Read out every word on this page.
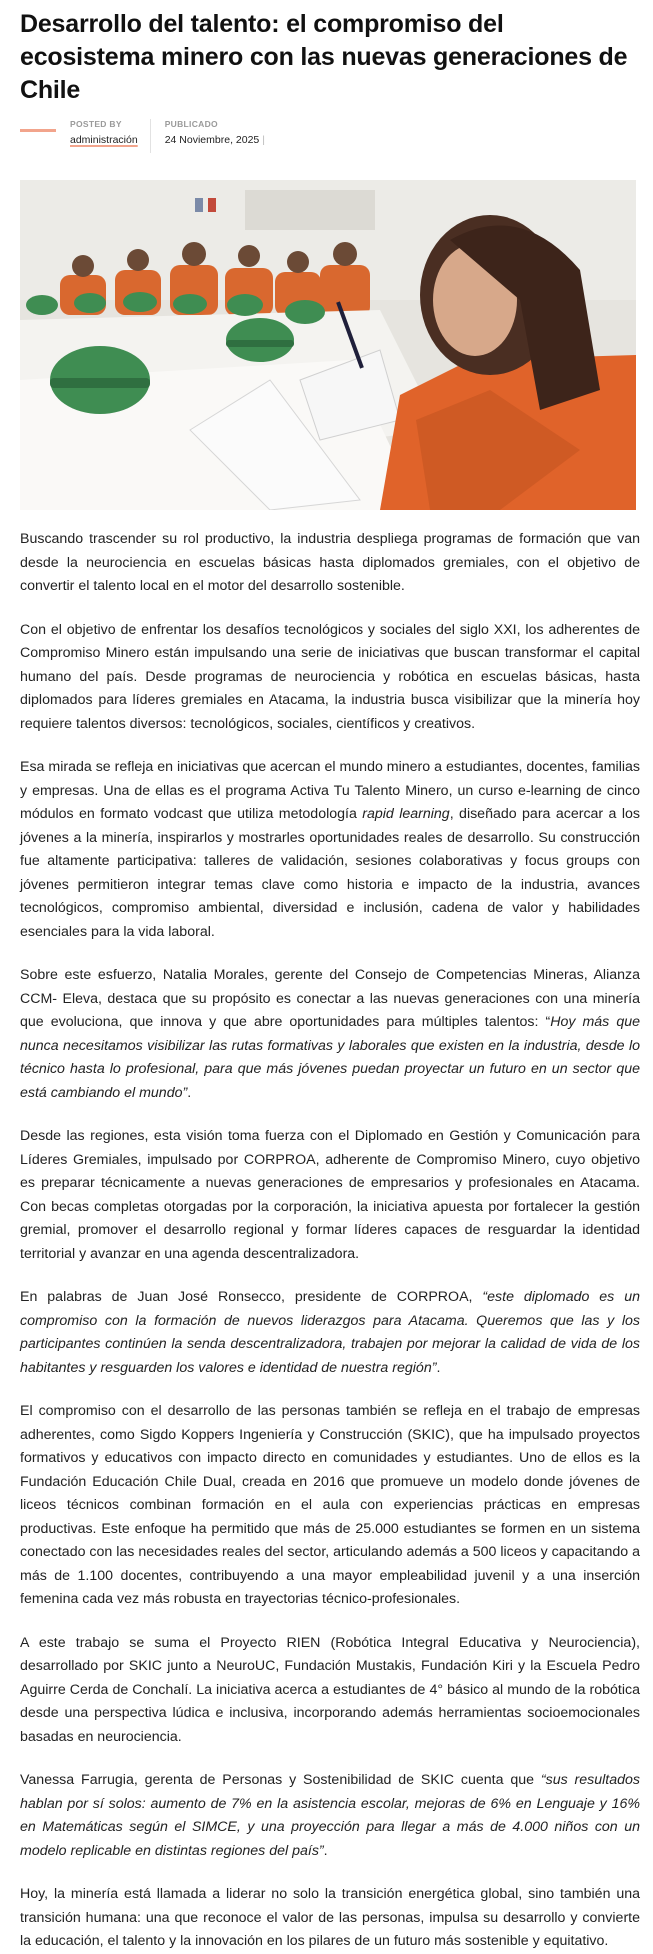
Desarrollo del talento: el compromiso del ecosistema minero con las nuevas generaciones de Chile
POSTED BY
administración
PUBLICADO
24 Noviembre, 2025 |

Buscando trascender su rol productivo, la industria despliega programas de formación que van desde la neurociencia en escuelas básicas hasta diplomados gremiales, con el objetivo de convertir el talento local en el motor del desarrollo sostenible.

Con el objetivo de enfrentar los desafíos tecnológicos y sociales del siglo XXI, los adherentes de Compromiso Minero están impulsando una serie de iniciativas que buscan transformar el capital humano del país. Desde programas de neurociencia y robótica en escuelas básicas, hasta diplomados para líderes gremiales en Atacama, la industria busca visibilizar que la minería hoy requiere talentos diversos: tecnológicos, sociales, científicos y creativos.

Esa mirada se refleja en iniciativas que acercan el mundo minero a estudiantes, docentes, familias y empresas. Una de ellas es el programa Activa Tu Talento Minero, un curso e-learning de cinco módulos en formato vodcast que utiliza metodología rapid learning, diseñado para acercar a los jóvenes a la minería, inspirarlos y mostrarles oportunidades reales de desarrollo. Su construcción fue altamente participativa: talleres de validación, sesiones colaborativas y focus groups con jóvenes permitieron integrar temas clave como historia e impacto de la industria, avances tecnológicos, compromiso ambiental, diversidad e inclusión, cadena de valor y habilidades esenciales para la vida laboral.

Sobre este esfuerzo, Natalia Morales, gerente del Consejo de Competencias Mineras, Alianza CCM- Eleva, destaca que su propósito es conectar a las nuevas generaciones con una minería que evoluciona, que innova y que abre oportunidades para múltiples talentos: “Hoy más que nunca necesitamos visibilizar las rutas formativas y laborales que existen en la industria, desde lo técnico hasta lo profesional, para que más jóvenes puedan proyectar un futuro en un sector que está cambiando el mundo”.

Desde las regiones, esta visión toma fuerza con el Diplomado en Gestión y Comunicación para Líderes Gremiales, impulsado por CORPROA, adherente de Compromiso Minero, cuyo objetivo es preparar técnicamente a nuevas generaciones de empresarios y profesionales en Atacama. Con becas completas otorgadas por la corporación, la iniciativa apuesta por fortalecer la gestión gremial, promover el desarrollo regional y formar líderes capaces de resguardar la identidad territorial y avanzar en una agenda descentralizadora.

En palabras de Juan José Ronsecco, presidente de CORPROA, “este diplomado es un compromiso con la formación de nuevos liderazgos para Atacama. Queremos que las y los participantes continúen la senda descentralizadora, trabajen por mejorar la calidad de vida de los habitantes y resguarden los valores e identidad de nuestra región”.

El compromiso con el desarrollo de las personas también se refleja en el trabajo de empresas adherentes, como Sigdo Koppers Ingeniería y Construcción (SKIC), que ha impulsado proyectos formativos y educativos con impacto directo en comunidades y estudiantes. Uno de ellos es la Fundación Educación Chile Dual, creada en 2016 que promueve un modelo donde jóvenes de liceos técnicos combinan formación en el aula con experiencias prácticas en empresas productivas. Este enfoque ha permitido que más de 25.000 estudiantes se formen en un sistema conectado con las necesidades reales del sector, articulando además a 500 liceos y capacitando a más de 1.100 docentes, contribuyendo a una mayor empleabilidad juvenil y a una inserción femenina cada vez más robusta en trayectorias técnico-profesionales.

A este trabajo se suma el Proyecto RIEN (Robótica Integral Educativa y Neurociencia), desarrollado por SKIC junto a NeuroUC, Fundación Mustakis, Fundación Kiri y la Escuela Pedro Aguirre Cerda de Conchalí. La iniciativa acerca a estudiantes de 4° básico al mundo de la robótica desde una perspectiva lúdica e inclusiva, incorporando además herramientas socioemocionales basadas en neurociencia.

Vanessa Farrugia, gerenta de Personas y Sostenibilidad de SKIC cuenta que “sus resultados hablan por sí solos: aumento de 7% en la asistencia escolar, mejoras de 6% en Lenguaje y 16% en Matemáticas según el SIMCE, y una proyección para llegar a más de 4.000 niños con un modelo replicable en distintas regiones del país”.

Hoy, la minería está llamada a liderar no solo la transición energética global, sino también una transición humana: una que reconoce el valor de las personas, impulsa su desarrollo y convierte la educación, el talento y la innovación en los pilares de un futuro más sostenible y equitativo.
